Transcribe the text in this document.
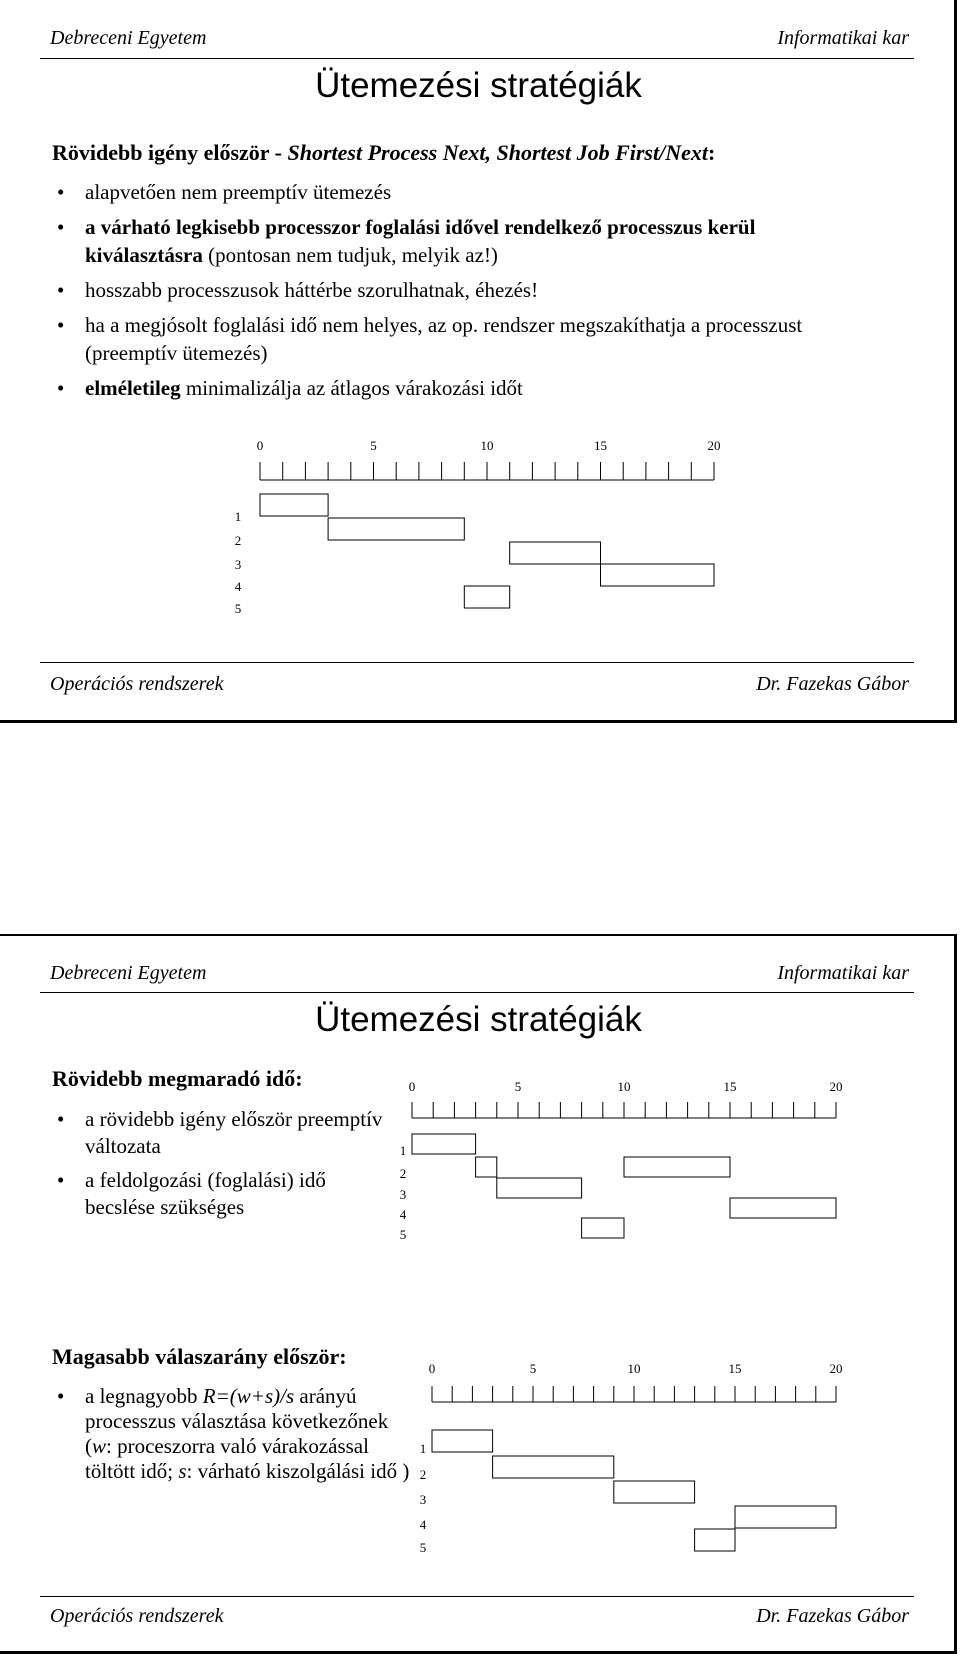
Debreceni Egyetem	Informatikai kar
Ütemezési stratégiák
Rövidebb igény először - Shortest Process Next, Shortest Job First/Next:
• alapvetően nem preemptív ütemezés
• a várható legkisebb processzor foglalási idővel rendelkező processzus kerül kiválasztásra (pontosan nem tudjuk, melyik az!)
• hosszabb processzusok háttérbe szorulhatnak, éhezés!
• ha a megjósolt foglalási idő nem helyes, az op. rendszer megszakíthatja a processzust (preemptív ütemezés)
• elméletileg minimalizálja az átlagos várakozási időt
0	5	10	15	20
1
2
3
4
5
Operációs rendszerek	Dr. Fazekas Gábor
Debreceni Egyetem	Informatikai kar
Ütemezési stratégiák
Rövidebb megmaradó idő:
• a rövidebb igény először preemptív változata
• a feldolgozási (foglalási) idő becslése szükséges
0	5	10	15	20
1
2
3
4
5
Magasabb válaszarány először:
• a legnagyobb R=(w+s)/s arányú processzus választása következőnek (w: proceszorra való várakozással töltött idő; s: várható kiszolgálási idő )
0	5	10	15	20
1
2
3
4
5
Operációs rendszerek	Dr. Fazekas Gábor
